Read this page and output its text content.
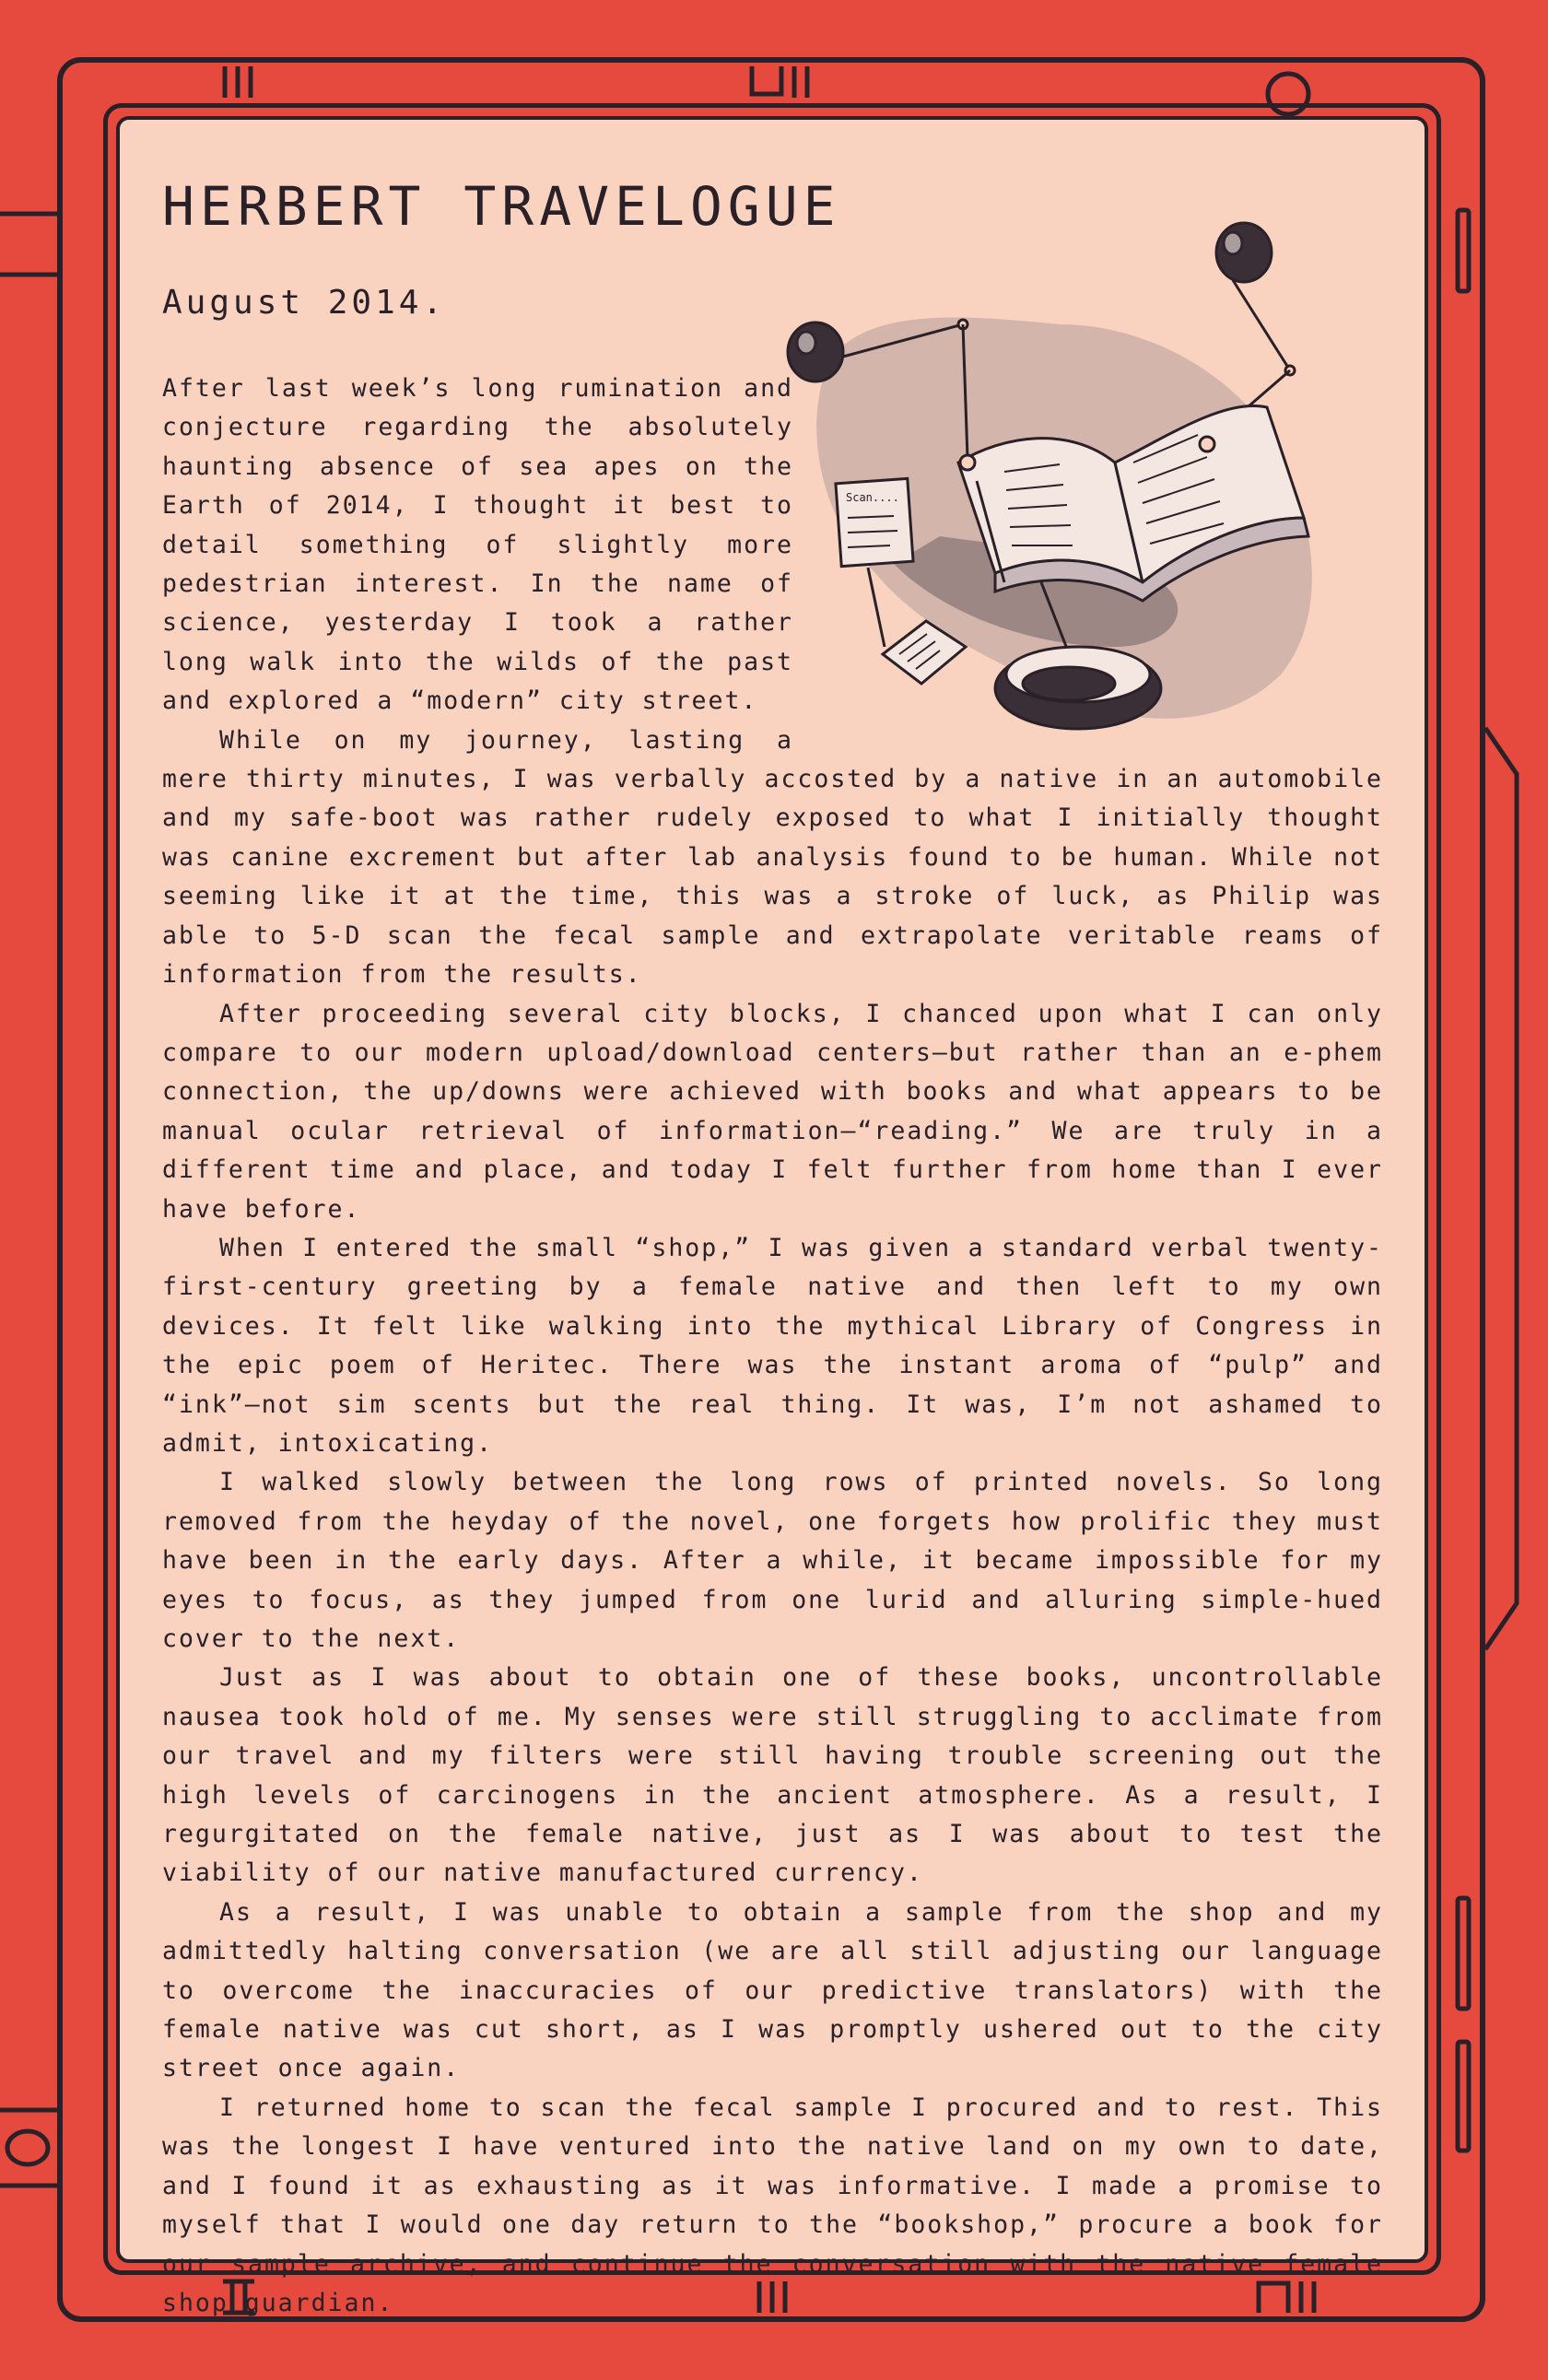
HERBERT TRAVELOGUE
August 2014.
Scan....

After last week’s long rumination and conjecture regarding the absolutely haunting absence of sea apes on the Earth of 2014, I thought it best to detail something of slightly more pedestrian interest. In the name of science, yesterday I took a rather long walk into the wilds of the past and explored a “modern” city street.

While on my journey, lasting a mere thirty minutes, I was verbally accosted by a native in an automobile and my safe-boot was rather rudely exposed to what I initially thought was canine excrement but after lab analysis found to be human. While not seeming like it at the time, this was a stroke of luck, as Philip was able to 5-D scan the fecal sample and extrapolate veritable reams of information from the results.

After proceeding several city blocks, I chanced upon what I can only compare to our modern upload/download centers—but rather than an e-phem connection, the up/downs were achieved with books and what appears to be manual ocular retrieval of information—“reading.” We are truly in a different time and place, and today I felt further from home than I ever have before.

When I entered the small “shop,” I was given a standard verbal twenty-first-century greeting by a female native and then left to my own devices. It felt like walking into the mythical Library of Congress in the epic poem of Heritec. There was the instant aroma of “pulp” and “ink”—not sim scents but the real thing. It was, I’m not ashamed to admit, intoxicating.

I walked slowly between the long rows of printed novels. So long removed from the heyday of the novel, one forgets how prolific they must have been in the early days. After a while, it became impossible for my eyes to focus, as they jumped from one lurid and alluring simple-hued cover to the next.

Just as I was about to obtain one of these books, uncontrollable nausea took hold of me. My senses were still struggling to acclimate from our travel and my filters were still having trouble screening out the high levels of carcinogens in the ancient atmosphere. As a result, I regurgitated on the female native, just as I was about to test the viability of our native manufactured currency.

As a result, I was unable to obtain a sample from the shop and my admittedly halting conversation (we are all still adjusting our language to overcome the inaccuracies of our predictive translators) with the female native was cut short, as I was promptly ushered out to the city street once again.

I returned home to scan the fecal sample I procured and to rest. This was the longest I have ventured into the native land on my own to date, and I found it as exhausting as it was informative. I made a promise to myself that I would one day return to the “bookshop,” procure a book for our sample archive, and continue the conversation with the native female shop guardian.
